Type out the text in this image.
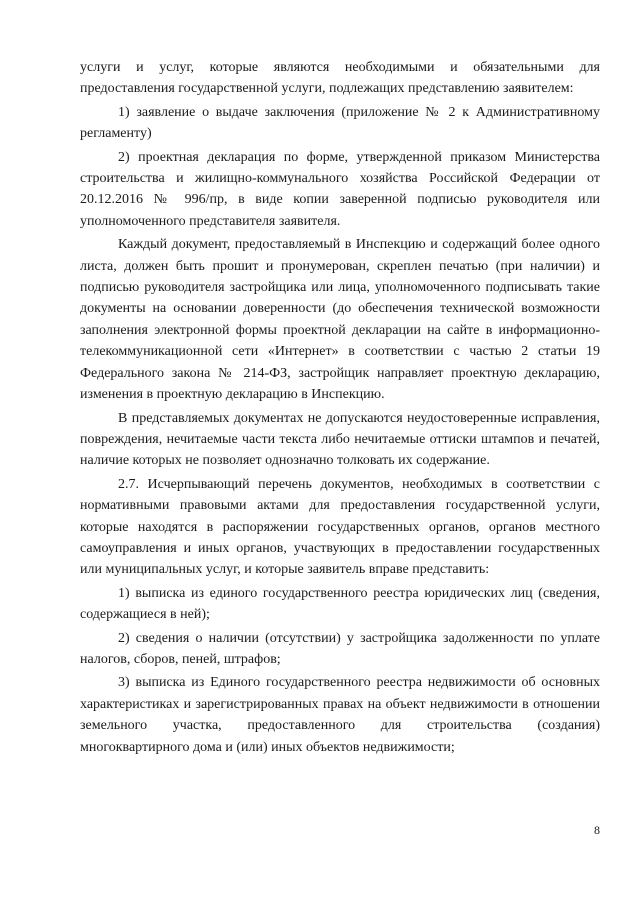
услуги и услуг, которые являются необходимыми и обязательными для предоставления государственной услуги, подлежащих представлению заявителем:

1) заявление о выдаче заключения (приложение № 2 к Административному регламенту)

2) проектная декларация по форме, утвержденной приказом Министерства строительства и жилищно-коммунального хозяйства Российской Федерации от 20.12.2016 № 996/пр, в виде копии заверенной подписью руководителя или уполномоченного представителя заявителя.

Каждый документ, предоставляемый в Инспекцию и содержащий более одного листа, должен быть прошит и пронумерован, скреплен печатью (при наличии) и подписью руководителя застройщика или лица, уполномоченного подписывать такие документы на основании доверенности (до обеспечения технической возможности заполнения электронной формы проектной декларации на сайте в информационно-телекоммуникационной сети «Интернет» в соответствии с частью 2 статьи 19 Федерального закона № 214-ФЗ, застройщик направляет проектную декларацию, изменения в проектную декларацию в Инспекцию.

В представляемых документах не допускаются неудостоверенные исправления, повреждения, нечитаемые части текста либо нечитаемые оттиски штампов и печатей, наличие которых не позволяет однозначно толковать их содержание.

2.7. Исчерпывающий перечень документов, необходимых в соответствии с нормативными правовыми актами для предоставления государственной услуги, которые находятся в распоряжении государственных органов, органов местного самоуправления и иных органов, участвующих в предоставлении государственных или муниципальных услуг, и которые заявитель вправе представить:

1) выписка из единого государственного реестра юридических лиц (сведения, содержащиеся в ней);

2) сведения о наличии (отсутствии) у застройщика задолженности по уплате налогов, сборов, пеней, штрафов;

3) выписка из Единого государственного реестра недвижимости об основных характеристиках и зарегистрированных правах на объект недвижимости в отношении земельного участка, предоставленного для строительства (создания) многоквартирного дома и (или) иных объектов недвижимости;

8
